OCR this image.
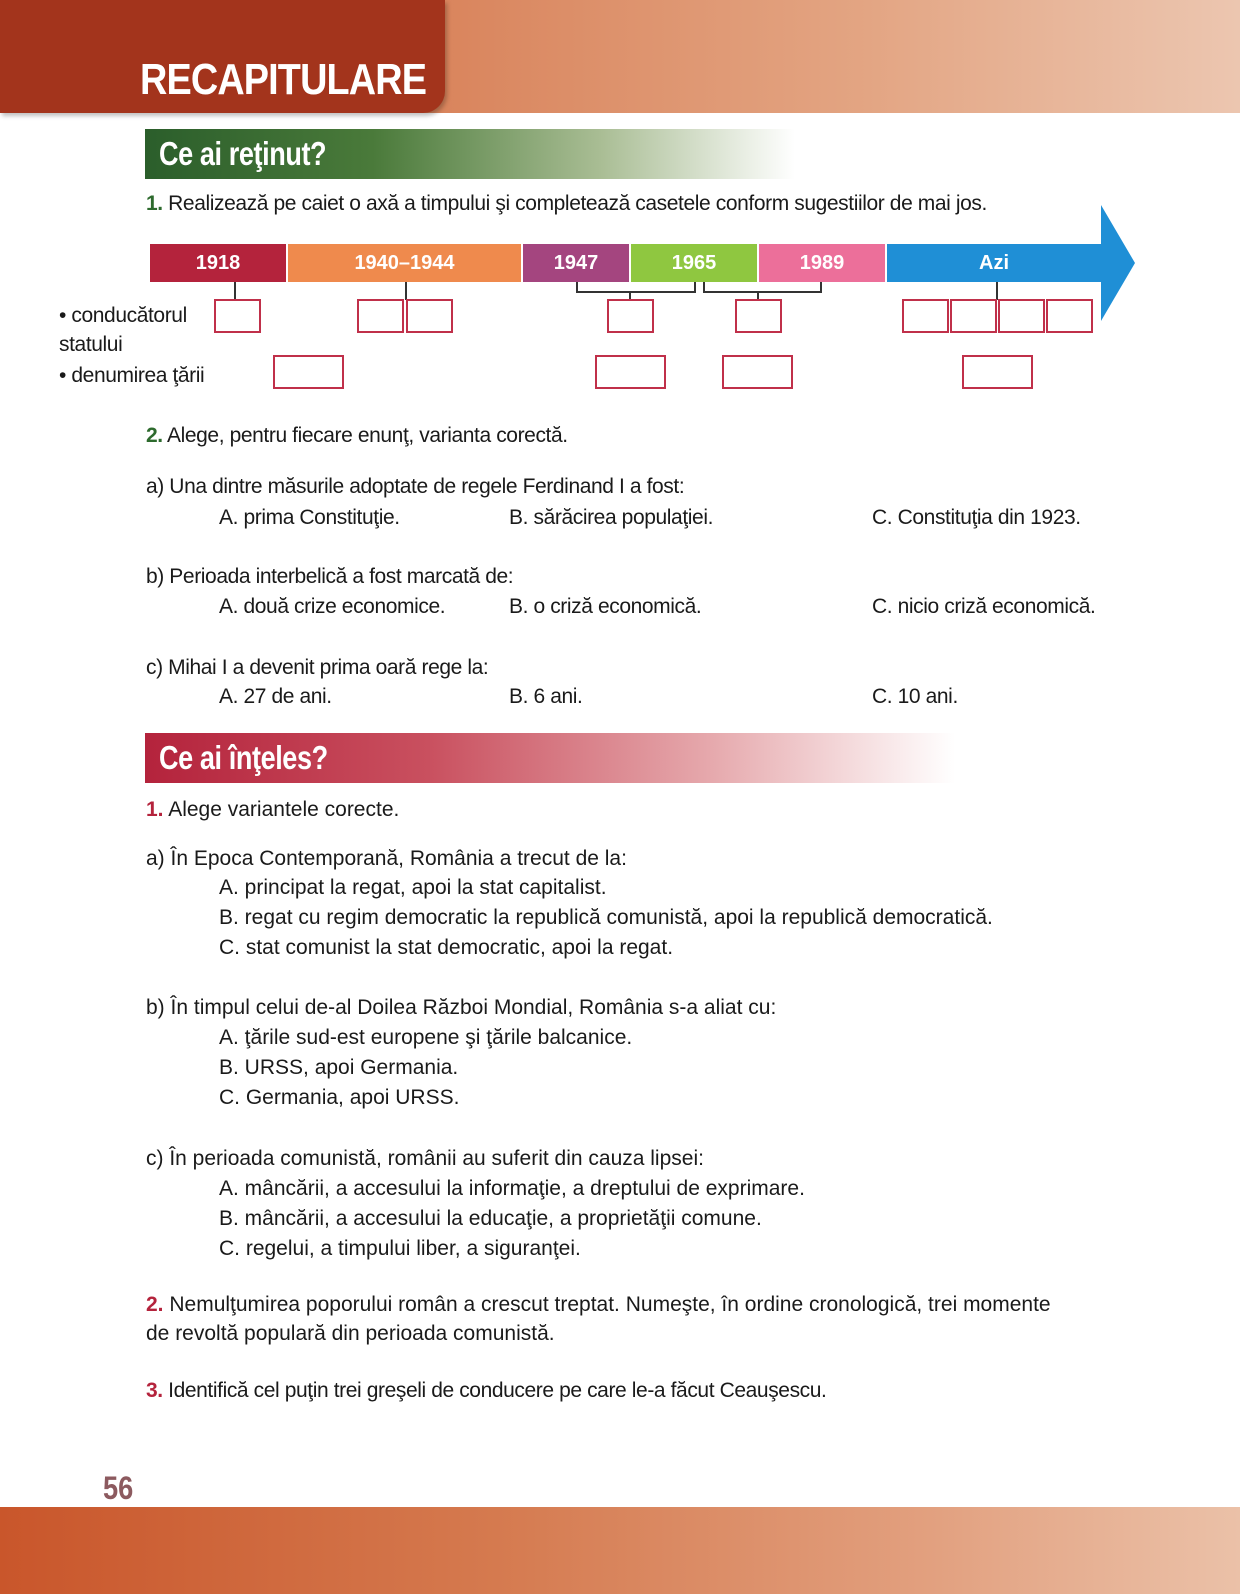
RECAPITULARE
Ce ai reţinut?
1. Realizează pe caiet o axă a timpului şi completează casetele conform sugestiilor de mai jos.
1918	1940–1944	1947	1965	1989	Azi
• conducătorul
statului
• denumirea ţării
2. Alege, pentru fiecare enunţ, varianta corectă.
a) Una dintre măsurile adoptate de regele Ferdinand I a fost:
A. prima Constituţie.	B. sărăcirea populaţiei.	C. Constituţia din 1923.
b) Perioada interbelică a fost marcată de:
A. două crize economice.	B. o criză economică.	C. nicio criză economică.
c) Mihai I a devenit prima oară rege la:
A. 27 de ani.	B. 6 ani.	C. 10 ani.
Ce ai înţeles?
1. Alege variantele corecte.
a) În Epoca Contemporană, România a trecut de la:
A. principat la regat, apoi la stat capitalist.
B. regat cu regim democratic la republică comunistă, apoi la republică democratică.
C. stat comunist la stat democratic, apoi la regat.
b) În timpul celui de-al Doilea Război Mondial, România s-a aliat cu:
A. ţările sud-est europene şi ţările balcanice.
B. URSS, apoi Germania.
C. Germania, apoi URSS.
c) În perioada comunistă, românii au suferit din cauza lipsei:
A. mâncării, a accesului la informaţie, a dreptului de exprimare.
B. mâncării, a accesului la educaţie, a proprietăţii comune.
C. regelui, a timpului liber, a siguranţei.
2. Nemulţumirea poporului român a crescut treptat. Numeşte, în ordine cronologică, trei momente
de revoltă populară din perioada comunistă.
3. Identifică cel puţin trei greşeli de conducere pe care le-a făcut Ceauşescu.
56
